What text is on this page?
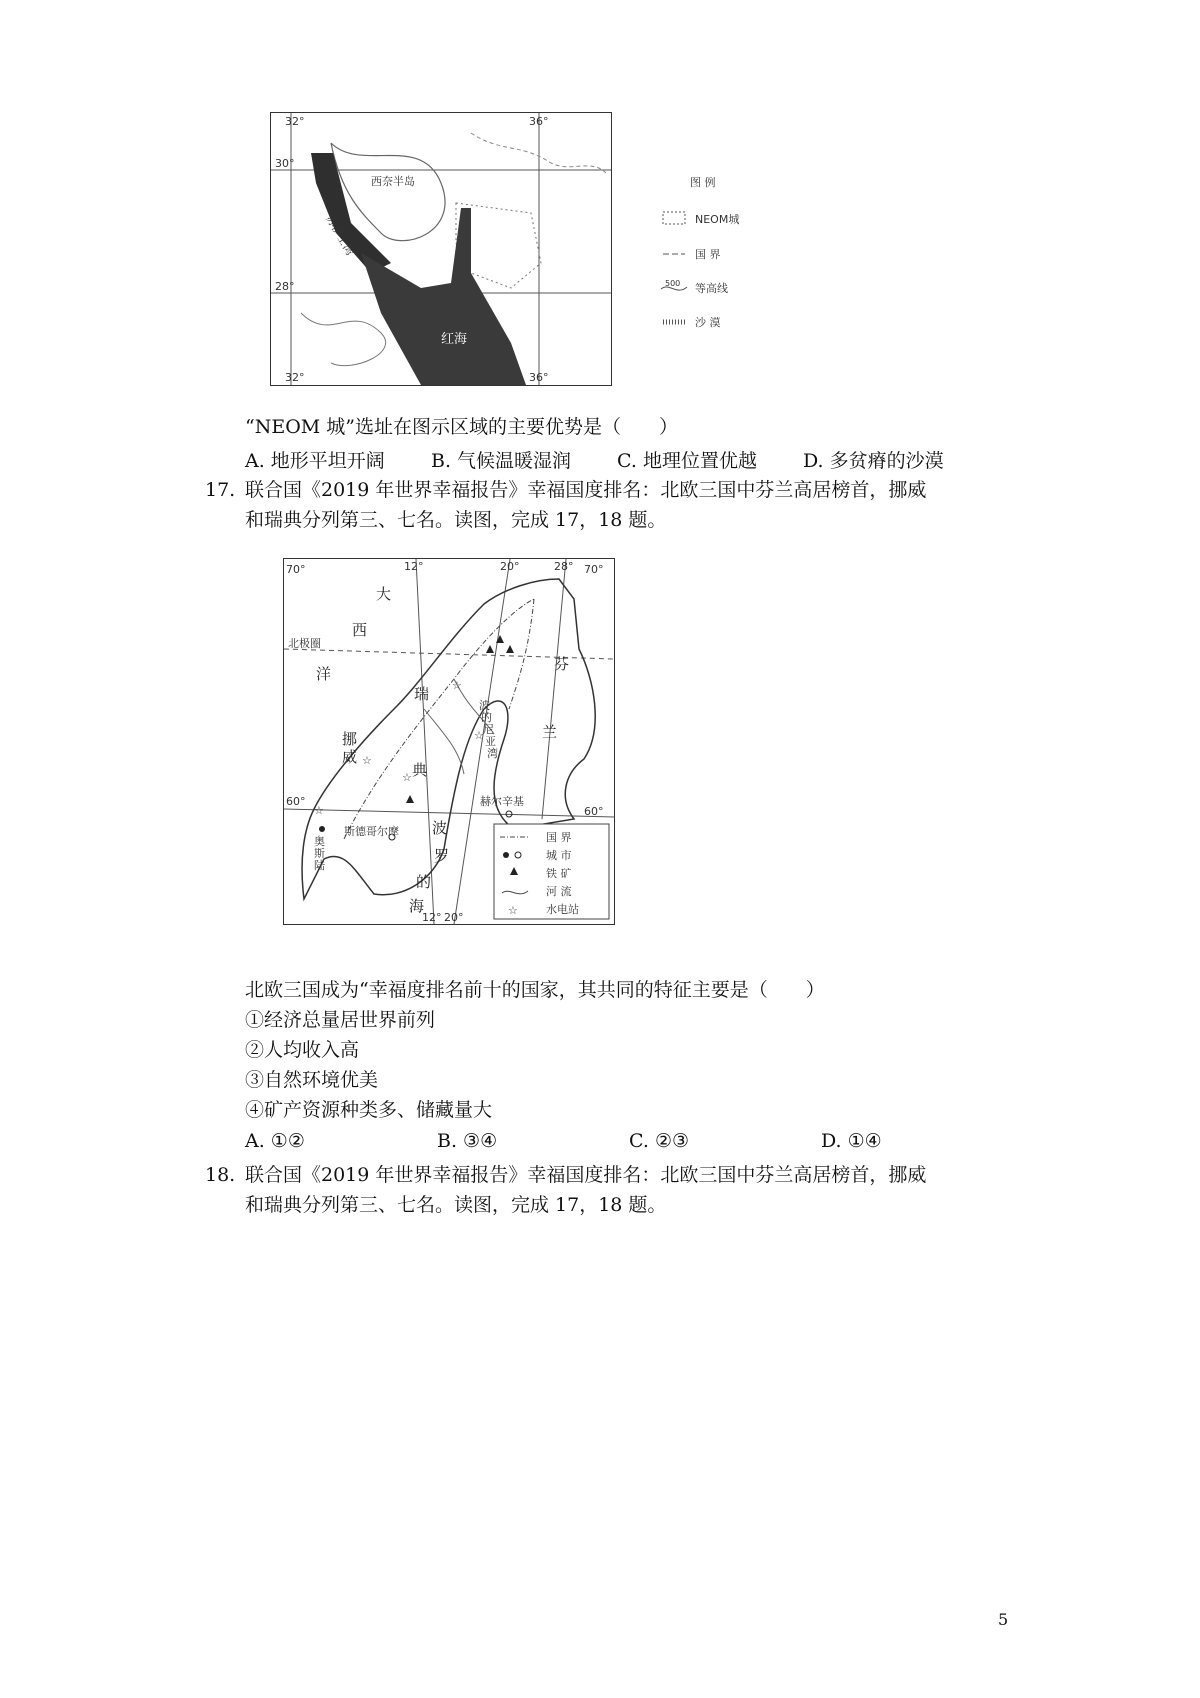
32°	36°
30°
28°
32°	36°
西奈半岛
苏伊士湾
红海
图 例
NEOM城
国 界
500 等高线
沙 漠
“NEOM 城”选址在图示区域的主要优势是（　　）
A. 地形平坦开阔 B. 气候温暖湿润 C. 地理位置优越 D. 多贫瘠的沙漠
17. 联合国《2019 年世界幸福报告》幸福国度排名：北欧三国中芬兰高居榜首，挪威
和瑞典分列第三、七名。读图，完成 17，18 题。
☆
☆
☆
☆
☆
12°	20°	28°
70°	70°
60°
60°
12° 20°
北极圈
大
西
洋
挪
威
瑞
典
芬
兰
波
的
尼
亚
湾
波
罗
的
海
奥
斯
陆
赫尔辛基
斯德哥尔摩	国 界
城 市
铁 矿
河 流
☆	水电站
北欧三国成为“幸福度排名前十的国家，其共同的特征主要是（　　）
①经济总量居世界前列
②人均收入高
③自然环境优美
④矿产资源种类多、储藏量大
A. ①②	B. ③④	C. ②③	D. ①④
18. 联合国《2019 年世界幸福报告》幸福国度排名：北欧三国中芬兰高居榜首，挪威
和瑞典分列第三、七名。读图，完成 17，18 题。
5
